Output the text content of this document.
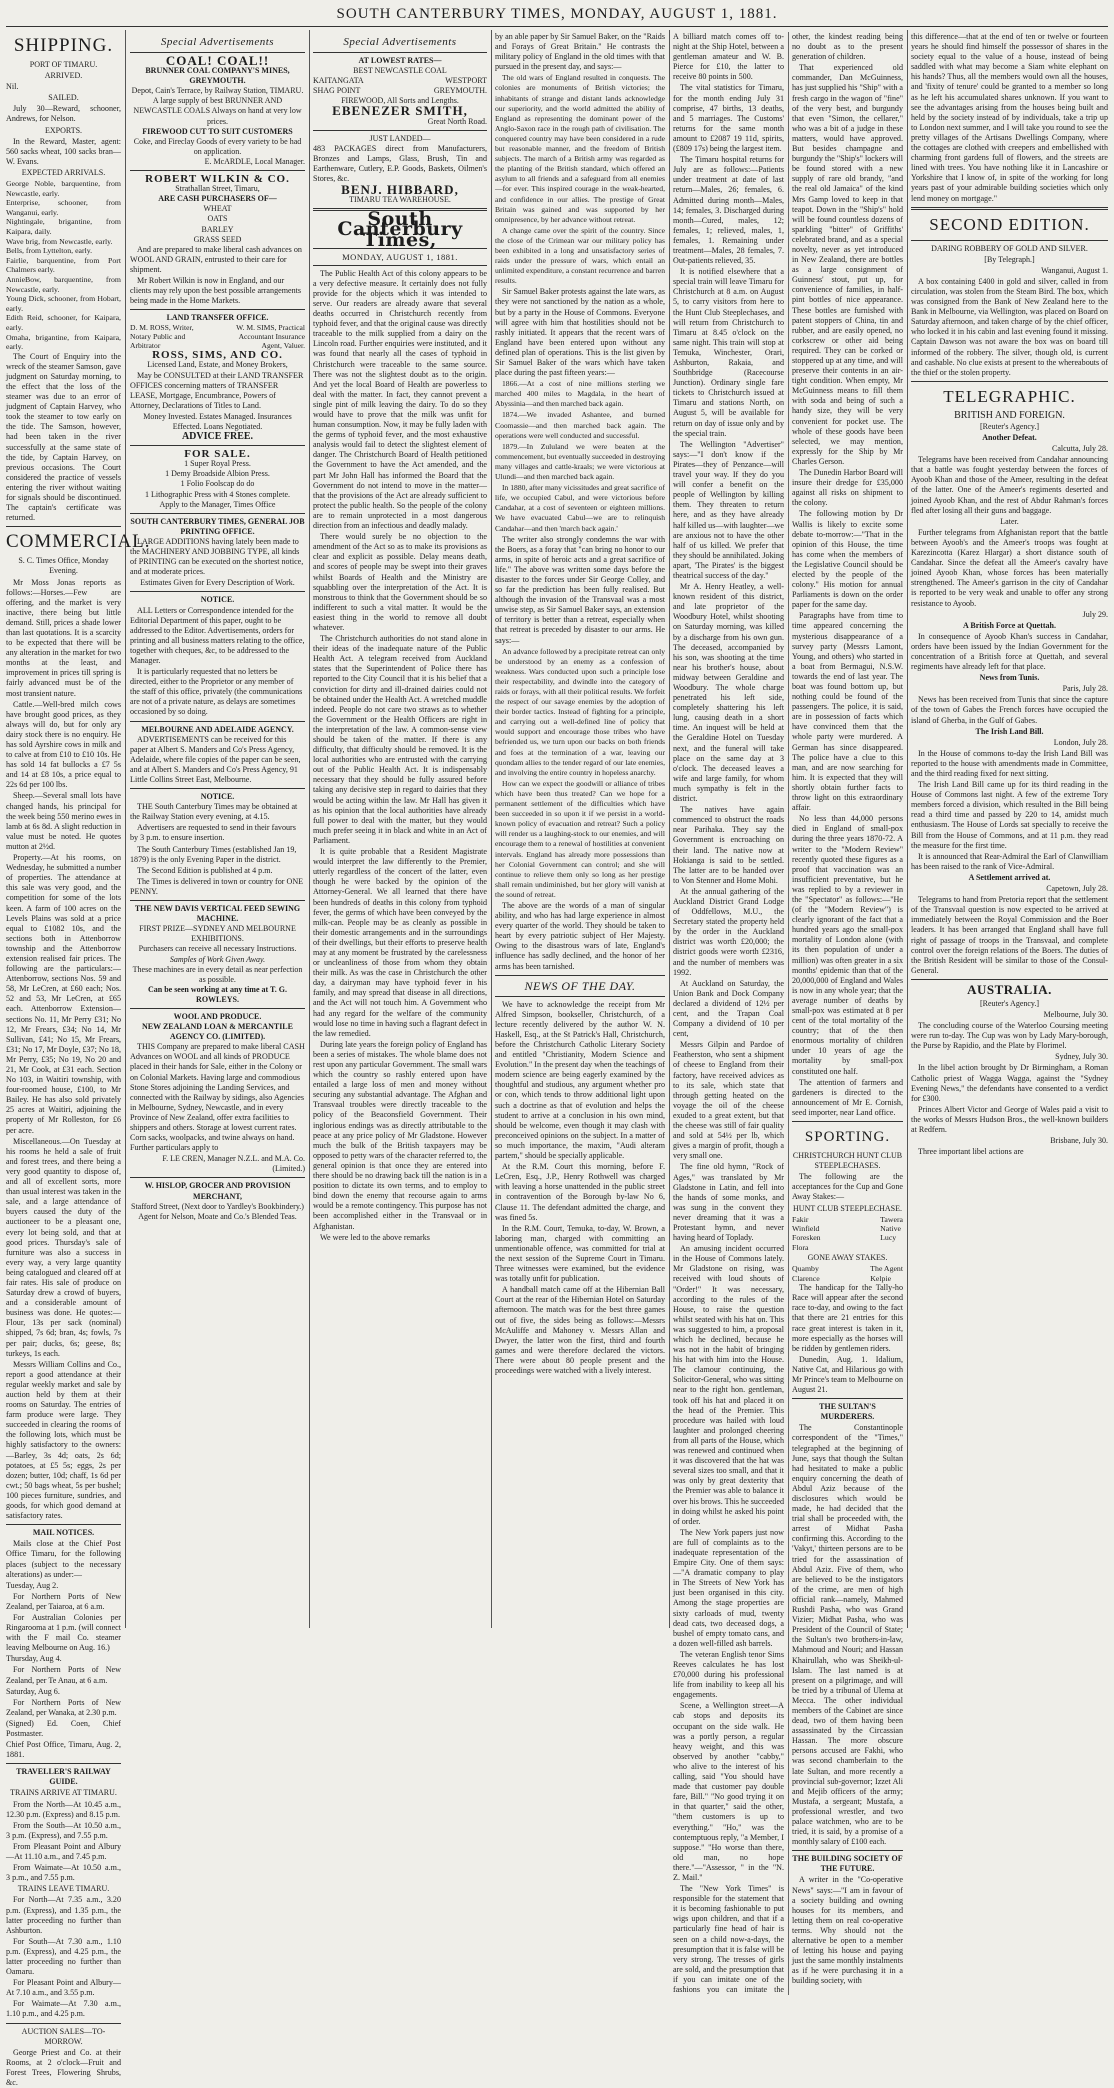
SOUTH CANTERBURY TIMES, MONDAY, AUGUST 1, 1881.
SHIPPING.
PORT OF TIMARU.
ARRIVED.

Nil.

SAILED.

July 30—Reward, schooner, Andrews, for Nelson.

EXPORTS.

In the Reward, Master, agent: 560 sacks wheat, 100 sacks bran—W. Evans.

EXPECTED ARRIVALS.
George Noble, barquentine, from Newcastle, early.
Enterprise, schooner, from Wanganui, early.
Nightingale, brigantine, from Kaipara, daily.
Wave brig, from Newcastle, early.
Bells, from Lyttelton, early.
Fairlie, barquentine, from Port Chalmers early.
AnnieBow, barquentine, from Newcastle, early.
Young Dick, schooner, from Hobart, early.
Edith Reid, schooner, for Kaipara, early.
Omaha, brigantine, from Kaipara, early.

The Court of Enquiry into the wreck of the steamer Samson, gave judgment on Saturday morning, to the effect that the loss of the steamer was due to an error of judgment of Captain Harvey, who took the steamer to tow early on the tide. The Samson, however, had been taken in the river successfully at the same state of the tide, by Captain Harvey, on previous occasions. The Court considered the practice of vessels entering the river without waiting for signals should be discontinued. The captain's certificate was returned.

COMMERCIAL.
S. C. Times Office, Monday Evening.

Mr Moss Jonas reports as follows:—Horses.—Few are offering, and the market is very inactive, there being but little demand. Still, prices a shade lower than last quotations. It is a scarcity to be expected that there will be any alteration in the market for two months at the least, and improvement in prices till spring is fairly advanced must be of the most transient nature.

Cattle.—Well-bred milch cows have brought good prices, as they always will do, but for only ary dairy stock there is no enquiry. He has sold Ayrshire cows in milk and to calve at from £10 to £10 10s. He has sold 14 fat bullocks a £7 5s and 14 at £8 10s, a price equal to 22s 6d per 100 lbs.

Sheep.—Several small lots have changed hands, his principal for the week being 550 merino ewes in lamb at 6s 8d. A slight reduction in value must be noted. He quotes mutton at 2½d.

Property.—At his rooms, on Wednesday, he submitted a number of properties. The attendance at this sale was very good, and the competition for some of the lots keen. A farm of 100 acres on the Levels Plains was sold at a price equal to £1082 10s, and the sections both in Attenborrow township and the Attenborrow extension realised fair prices. The following are the particulars:—Attenborrow, sections Nos. 59 and 58, Mr LeCren, at £60 each; Nos. 52 and 53, Mr LeCren, at £65 each. Attenborrow Extension—sections No. 11, Mr Perry £31; No 12, Mr Frears, £34; No 14, Mr Sullivan, £41; No 15, Mr Frears, £31; No 17, Mr Doyle, £37; No 18, Mr Perry, £35; No 19, No 20 and 21, Mr Cook, at £31 each. Section No 103, in Waitiri township, with four-roomed house, £100, to Mr Bailey. He has also sold privately 25 acres at Waitiri, adjoining the property of Mr Rolleston, for £6 per acre.

Miscellaneous.—On Tuesday at his rooms he held a sale of fruit and forest trees, and there being a very good quantity to dispose of, and all of excellent sorts, more than usual interest was taken in the sale, and a large attendance of buyers caused the duty of the auctioneer to be a pleasant one, every lot being sold, and that at good prices. Thursday's sale of furniture was also a success in every way, a very large quantity being catalogued and cleared off at fair rates. His sale of produce on Saturday drew a crowd of buyers, and a considerable amount of business was done. He quotes:—Flour, 13s per sack (nominal) shipped, 7s 6d; bran, 4s; fowls, 7s per pair; ducks, 6s; geese, 8s; turkeys, 1s each.

Messrs William Collins and Co., report a good attendance at their regular weekly market and sale by auction held by them at their rooms on Saturday. The entries of farm produce were large. They succeeded in clearing the rooms of the following lots, which must be highly satisfactory to the owners:—Barley, 3s 4d; oats, 2s 6d; potatoes, at £5 5s; eggs, 2s per dozen; butter, 10d; chaff, 1s 6d per cwt.; 50 bags wheat, 5s per bushel; 100 pieces furniture, sundries, and goods, for which good demand at satisfactory rates.

MAIL NOTICES.

Mails close at the Chief Post Office Timaru, for the following places (subject to the necessary alterations) as under:—

Tuesday, Aug 2.

For Northern Ports of New Zealand, per Taiaroa, at 6 a.m.

For Australian Colonies per Ringarooma at 1 p.m. (will connect with the F mail Co. steamer leaving Melbourne on Aug. 16.)

Thursday, Aug 4.

For Northern Ports of New Zealand, per Te Anau, at 6 a.m.

Saturday, Aug 6.

For Northern Ports of New Zealand, per Wanaka, at 2.30 p.m.

(Signed) Ed. Coen, Chief Postmaster.

Chief Post Office, Timaru, Aug. 2, 1881.

TRAVELLER'S RAILWAY GUIDE.
TRAINS ARRIVE AT TIMARU.

From the North—At 10.45 a.m., 12.30 p.m. (Express) and 8.15 p.m.

From the South—At 10.50 a.m., 3 p.m. (Express), and 7.55 p.m.

From Pleasant Point and Albury—At 11.10 a.m., and 7.45 p.m.

From Waimate—At 10.50 a.m., 3 p.m., and 7.55 p.m.

TRAINS LEAVE TIMARU.

For North—At 7.35 a.m., 3.20 p.m. (Express), and 1.35 p.m., the latter proceeding no further than Ashburton.

For South—At 7.30 a.m., 1.10 p.m. (Express), and 4.25 p.m., the latter proceeding no further than Oamaru.

For Pleasant Point and Albury—At 7.10 a.m., and 3.55 p.m.

For Waimate—At 7.30 a.m., 1.10 p.m., and 4.25 p.m.

AUCTION SALES—TO-MORROW.

George Priest and Co. at their Rooms, at 2 o'clock—Fruit and Forest Trees, Flowering Shrubs, &c.

Special Advertisements
COAL! COAL!!
BRUNNER COAL COMPANY'S MINES, GREYMOUTH.
Depot, Cain's Terrace, by Railway Station, TIMARU.
A large supply of best BRUNNER AND NEWCASTLE COALS Always on hand at very low prices.
FIREWOOD CUT TO SUIT CUSTOMERS
Coke, and Fireclay Goods of every variety to be had on application.
E. McARDLE, Local Manager.
ROBERT WILKIN & CO.
Strathallan Street, Timaru,
ARE CASH PURCHASERS OF—
WHEAT
OATS
BARLEY
GRASS SEED

And are prepared to make liberal cash advances on WOOL AND GRAIN, entrusted to their care for shipment.

Mr Robert Wilkin is now in England, and our clients may rely upon the best possible arrangements being made in the Home Markets.

LAND TRANSFER OFFICE.
D. M. ROSS, Writer, Notary Public and Arbitrator
W. M. SIMS, Practical Accountant Insurance Agent, Valuer.
ROSS, SIMS, AND CO.
Licensed Land, Estate, and Money Brokers,

May be CONSULTED at their LAND TRANSFER OFFICES concerning matters of TRANSFER LEASE, Mortgage, Encumbrance, Powers of Attorney, Declarations of Titles to Land.

Money Invested. Estates Managed. Insurances Effected. Loans Negotiated.
ADVICE FREE.
FOR SALE.
1 Super Royal Press.
1 Demy Broadside Albion Press.
1 Folio Foolscap do do
1 Lithographic Press with 4 Stones complete.
Apply to the Manager, Times Office
SOUTH CANTERBURY TIMES, GENERAL JOB PRINTING OFFICE.

LARGE ADDITIONS having lately been made to the MACHINERY AND JOBBING TYPE, all kinds of PRINTING can be executed on the shortest notice, and at moderate prices.

Estimates Given for Every Description of Work.
NOTICE.

ALL Letters or Correspondence intended for the Editorial Department of this paper, ought to be addressed to the Editor. Advertisements, orders for printing and all business matters relating to the office, together with cheques, &c, to be addressed to the Manager.

It is particularly requested that no letters be directed, either to the Proprietor or any member of the staff of this office, privately (the communications are not of a private nature, as delays are sometimes occasioned by so doing.

MELBOURNE AND ADELAIDE AGENCY.

ADVERTISEMENTS can be received for this paper at Albert S. Manders and Co's Press Agency, Adelaide, where file copies of the paper can be seen, and at Albert S. Manders and Co's Press Agency, 91 Little Collins Street East, Melbourne.

NOTICE.

THE South Canterbury Times may be obtained at the Railway Station every evening, at 4.15.

Advertisers are requested to send in their favours by 3 p.m. to ensure insertion.

The South Canterbury Times (established Jan 19, 1879) is the only Evening Paper in the district.

The Second Edition is published at 4 p.m.

The Times is delivered in town or country for ONE PENNY.

THE NEW DAVIS VERTICAL FEED SEWING MACHINE.
FIRST PRIZE—SYDNEY AND MELBOURNE EXHIBITIONS.
Purchasers can receive all necessary Instructions.
Samples of Work Given Away.
These machines are in every detail as near perfection as possible.
Can be seen working at any time at T. G. ROWLEYS.
WOOL AND PRODUCE.
NEW ZEALAND LOAN & MERCANTILE AGENCY CO. (LIMITED).

THIS Company are prepared to make liberal CASH Advances on WOOL and all kinds of PRODUCE placed in their hands for Sale, either in the Colony or on Colonial Markets. Having large and commodious Stone Stores adjoining the Landing Services, and connected with the Railway by sidings, also Agencies in Melbourne, Sydney, Newcastle, and in every Province of New Zealand, offer extra facilities to shippers and others. Storage at lowest current rates. Corn sacks, woolpacks, and twine always on hand. Further particulars apply to

F. LE CREN, Manager N.Z.L. and M.A. Co. (Limited.)
W. HISLOP, GROCER AND PROVISION MERCHANT,
Stafford Street, (Next door to Yardley's Bookbindery.)
Agent for Nelson, Moate and Co.'s Blended Teas.
Special Advertisements
AT LOWEST RATES—
BEST NEWCASTLE COAL
KAITANGATA	WESTPORT
SHAG POINT	GREYMOUTH.
FIREWOOD, All Sorts and Lengths.
EBENEZER SMITH,
Great North Road.
JUST LANDED—

483 PACKAGES direct from Manufacturers, Bronzes and Lamps, Glass, Brush, Tin and Earthenware, Cutlery, E.P. Goods, Baskets, Oilmen's Stores, &c.

BENJ. HIBBARD,
TIMARU TEA WAREHOUSE.
South Canterbury Times,
MONDAY, AUGUST 1, 1881.

The Public Health Act of this colony appears to be a very defective measure. It certainly does not fully provide for the objects which it was intended to serve. Our readers are already aware that several deaths occurred in Christchurch recently from typhoid fever, and that the original cause was directly traceable to the milk supplied from a dairy on the Lincoln road. Further enquiries were instituted, and it was found that nearly all the cases of typhoid in Christchurch were traceable to the same source. There was not the slightest doubt as to the origin. And yet the local Board of Health are powerless to deal with the matter. In fact, they cannot prevent a single pint of milk leaving the dairy. To do so they would have to prove that the milk was unfit for human consumption. Now, it may be fully laden with the germs of typhoid fever, and the most exhaustive analysis would fail to detect the slightest element of danger. The Christchurch Board of Health petitioned the Government to have the Act amended, and the part Mr John Hall has informed the Board that the Government do not intend to move in the matter—that the provisions of the Act are already sufficient to protect the public health. So the people of the colony are to remain unprotected in a most dangerous direction from an infectious and deadly malady.

There would surely be no objection to the amendment of the Act so as to make its provisions as clear and explicit as possible. Delay means death, and scores of people may be swept into their graves whilst Boards of Health and the Ministry are squabbling over the interpretation of the Act. It is monstrous to think that the Government should be so indifferent to such a vital matter. It would be the easiest thing in the world to remove all doubt whatever.

The Christchurch authorities do not stand alone in their ideas of the inadequate nature of the Public Health Act. A telegram received from Auckland states that the Superintendent of Police there has reported to the City Council that it is his belief that a conviction for dirty and ill-drained dairies could not be obtained under the Health Act. A wretched muddle indeed. People do not care two straws as to whether the Government or the Health Officers are right in the interpretation of the law. A common-sense view should be taken of the matter. If there is any difficulty, that difficulty should be removed. It is the local authorities who are entrusted with the carrying out of the Public Health Act. It is indispensably necessary that they should be fully assured before taking any decisive step in regard to dairies that they would be acting within the law. Mr Hall has given it as his opinion that the local authorities have already full power to deal with the matter, but they would much prefer seeing it in black and white in an Act of Parliament.

It is quite probable that a Resident Magistrate would interpret the law differently to the Premier, utterly regardless of the concert of the latter, even though he were backed by the opinion of the Attorney-General. We all learned that there have been hundreds of deaths in this colony from typhoid fever, the germs of which have been conveyed by the milk-can. People may be as cleanly as possible in their domestic arrangements and in the surroundings of their dwellings, but their efforts to preserve health may at any moment be frustrated by the carelessness or uncleanliness of those from whom they obtain their milk. As was the case in Christchurch the other day, a dairyman may have typhoid fever in his family, and may spread that disease in all directions, and the Act will not touch him. A Government who had any regard for the welfare of the community would lose no time in having such a flagrant defect in the law remedied.

During late years the foreign policy of England has been a series of mistakes. The whole blame does not rest upon any particular Government. The small wars which the country so rashly entered upon have entailed a large loss of men and money without securing any substantial advantage. The Afghan and Transvaal troubles were directly traceable to the policy of the Beaconsfield Government. Their inglorious endings was as directly attributable to the peace at any price policy of Mr Gladstone. However much the bulk of the British taxpayers may be opposed to petty wars of the character referred to, the general opinion is that once they are entered into there should be no drawing back till the nation is in a position to dictate its own terms, and to employ to bind down the enemy that recourse again to arms would be a remote contingency. This purpose has not been accomplished either in the Transvaal or in Afghanistan.

We were led to the above remarks

by an able paper by Sir Samuel Baker, on the "Raids and Forays of Great Britain." He contrasts the military policy of England in the old times with that pursued in the present day, and says:—

The old wars of England resulted in conquests. The colonies are monuments of British victories; the inhabitants of strange and distant lands acknowledge our superiority, and the world admitted the ability of England as representing the dominant power of the Anglo-Saxon race in the rough path of civilisation. The conquered country may have been considered in a rude but reasonable manner, and the freedom of British subjects. The march of a British army was regarded as the planting of the British standard, which offered an asylum to all friends and a safeguard from all enemies—for ever. This inspired courage in the weak-hearted, and confidence in our allies. The prestige of Great Britain was gained and was supported by her omnipresence, by her advance without retreat.

A change came over the spirit of the country. Since the close of the Crimean war our military policy has been exhibited in a long and unsatisfactory series of raids under the pressure of wars, which entail an unlimited expenditure, a constant recurrence and barren results.

Sir Samuel Baker protests against the late wars, as they were not sanctioned by the nation as a whole, but by a party in the House of Commons. Everyone will agree with him that hostilities should not be rashly initiated. It appears that the recent wars of England have been entered upon without any defined plan of operations. This is the list given by Sir Samuel Baker of the wars which have taken place during the past fifteen years:—

1866.—At a cost of nine millions sterling we marched 400 miles to Magdala, in the heart of Abyssinia—and then marched back again.

1874.—We invaded Ashantee, and burned Coomassie—and then marched back again. The operations were well conducted and successful.

1879.—In Zululand we were beaten at the commencement, but eventually succeeded in destroying many villages and cattle-kraals; we were victorious at Ulundi—and then marched back again.

In 1880, after many vicissitudes and great sacrifice of life, we occupied Cabul, and were victorious before Candahar, at a cost of seventeen or eighteen millions. We have evacuated Cabul—we are to relinquish Candahar—and then 'march back again.'

The writer also strongly condemns the war with the Boers, as a foray that "can bring no honor to our arms, in spite of heroic acts and a great sacrifice of life." The above was written some days before the disaster to the forces under Sir George Colley, and so far the prediction has been fully realised. But although the invasion of the Transvaal was a most unwise step, as Sir Samuel Baker says, an extension of territory is better than a retreat, especially when that retreat is preceded by disaster to our arms. He says:—

An advance followed by a precipitate retreat can only be understood by an enemy as a confession of weakness. Wars conducted upon such a principle lose their respectability, and dwindle into the category of raids or forays, with all their political results. We forfeit the respect of our savage enemies by the adoption of their border tactics. Instead of fighting for a principle, and carrying out a well-defined line of policy that would support and encourage those tribes who have befriended us, we turn upon our backs on both friends and foes at the termination of a war, leaving our quondam allies to the tender regard of our late enemies, and involving the entire country in hopeless anarchy.

How can we expect the goodwill or alliance of tribes which have been thus treated? Can we hope for a permanent settlement of the difficulties which have been succeeded in so upon it if we persist in a world-known policy of evacuation and retreat? Such a policy will render us a laughing-stock to our enemies, and will encourage them to a renewal of hostilities at convenient intervals. England has already more possessions than her Colonial Government can control; and she will continue to relieve them only so long as her prestige shall remain undiminished, but her glory will vanish at the sound of retreat.

The above are the words of a man of singular ability, and who has had large experience in almost every quarter of the world. They should be taken to heart by every patriotic subject of Her Majesty. Owing to the disastrous wars of late, England's influence has sadly declined, and the honor of her arms has been tarnished.

NEWS OF THE DAY.

We have to acknowledge the receipt from Mr Alfred Simpson, bookseller, Christchurch, of a lecture recently delivered by the author W. N. Haskell, Esq., at the St Patrick's Hall, Christchurch, before the Christchurch Catholic Literary Society and entitled "Christianity, Modern Science and Evolution." In the present day when the teachings of modern science are being eagerly examined by the thoughtful and studious, any argument whether pro or con, which tends to throw additional light upon such a doctrine as that of evolution and helps the student to arrive at a conclusion in his own mind, should be welcome, even though it may clash with preconceived opinions on the subject. In a matter of so much importance, the maxim, "Audi alteram partem," should be specially applicable.

At the R.M. Court this morning, before F. LeCren, Esq., J.P., Henry Rothwell was charged with leaving a horse unattended in the public street in contravention of the Borough by-law No 6, Clause 11. The defendant admitted the charge, and was fined 5s.

In the R.M. Court, Temuka, to-day, W. Brown, a laboring man, charged with committing an unmentionable offence, was committed for trial at the next session of the Supreme Court in Timaru. Three witnesses were examined, but the evidence was totally unfit for publication.

A handball match came off at the Hibernian Ball Court at the rear of the Hibernian Hotel on Saturday afternoon. The match was for the best three games out of five, the sides being as follows:—Messrs McAuliffe and Mahoney v. Messrs Allan and Dwyer, the latter won the first, third and fourth games and were therefore declared the victors. There were about 80 people present and the proceedings were watched with a lively interest.

A billiard match comes off to-night at the Ship Hotel, between a gentleman amateur and W. B. Pierce for £10, the latter to receive 80 points in 500.

The vital statistics for Timaru, for the month ending July 31 comprise, 47 births, 13 deaths, and 5 marriages. The Customs' returns for the same month amount to £2087 19 11d, spirits, (£809 17s) being the largest item.

The Timaru hospital returns for July are as follows:—Patients under treatment at date of last return—Males, 26; females, 6. Admitted during month—Males, 14; females, 3. Discharged during month—Cured, males, 12; females, 1; relieved, males, 1, females, 1. Remaining under treatment—Males, 28 females, 7. Out-patients relieved, 35.

It is notified elsewhere that a special train will leave Timaru for Christchurch at 8 a.m. on August 5, to carry visitors from here to the Hunt Club Steeplechases, and will return from Christchurch to Timaru at 8.45 o'clock on the same night. This train will stop at Temuka, Winchester, Orari, Ashburton, Rakaia, and Southbridge (Racecourse Junction). Ordinary single fare tickets to Christchurch issued at Timaru and stations North, on August 5, will be available for return on day of issue only and by the special train.

The Wellington "Advertiser" says:—"I don't know if the Pirates—they of Penzance—will travel your way. If they do you will confer a benefit on the people of Wellington by killing them. They threaten to return here, and as they have already half killed us—with laughter—we are anxious not to have the other half of us killed. We prefer that they should be annihilated. Joking apart, 'The Pirates' is the biggest theatrical success of the day."

Mr A. Henry Heatley, a well-known resident of this district, and late proprietor of the Woodbury Hotel, whilst shooting on Saturday morning, was killed by a discharge from his own gun. The deceased, accompanied by his son, was shooting at the time near his brother's house, about midway between Geraldine and Woodbury. The whole charge penetrated his left side, completely shattering his left lung, causing death in a short time. An inquest will be held at the Geraldine Hotel on Tuesday next, and the funeral will take place on the same day at 3 o'clock. The deceased leaves a wife and large family, for whom much sympathy is felt in the district.

The natives have again commenced to obstruct the roads near Parihaka. They say the Government is encroaching on their land. The native now at Hokianga is said to be settled. The latter are to be handed over to Von Stenner and Home Mohi.

At the annual gathering of the Auckland District Grand Lodge of Oddfellows, M.U., the Secretary stated the property held by the order in the Auckland district was worth £20,000; the district goods were worth £2316, and the number of members was 1992.

At Auckland on Saturday, the Union Bank and Dock Company declared a dividend of 12½ per cent, and the Trapan Coal Company a dividend of 10 per cent,

Messrs Gilpin and Pardoe of Featherston, who sent a shipment of cheese to England from their factory, have received advices as to its sale, which state that through getting heated on the voyage the oil of the cheese exuded to a great extent, but that the cheese was still of fair quality and sold at 54½ per lb, which gives a margin of profit, though a very small one.

The fine old hymn, "Rock of Ages," was translated by Mr Gladstone in Latin, and fell into the hands of some monks, and was sung in the convent they never dreaming that it was a Protestant hymn, and never having heard of Toplady.

An amusing incident occurred in the House of Commons lately. Mr Gladstone on rising, was received with loud shouts of "Order!" It was necessary, according to the rules of the House, to raise the question whilst seated with his hat on. This was suggested to him, a proposal which he declined, because he was not in the habit of bringing his hat with him into the House. The clamour continuing, the Solicitor-General, who was sitting near to the right hon. gentleman, took off his hat and placed it on the head of the Premier. This procedure was hailed with loud laughter and prolonged cheering from all parts of the House, which was renewed and continued when it was discovered that the hat was several sizes too small, and that it was only by great dexterity that the Premier was able to balance it over his brows. This he succeeded in doing whilst he asked his point of order.

The New York papers just now are full of complaints as to the inadequate representation of the Empire City. One of them says:—"A dramatic company to play in The Streets of New York has just been organised in this city. Among the stage properties are sixty carloads of mud, twenty dead cats, two deceased dogs, a bushel of empty tomato cans, and a dozen well-filled ash barrels.

The veteran English tenor Sims Reeves calculates he has lost £70,000 during his professional life from inability to keep all his engagements.

Scene, a Wellington street—A cab stops and deposits its occupant on the side walk. He was a portly person, a regular heavy weight, and this was observed by another "cabby," who alive to the interest of his calling, said "You should have made that customer pay double fare, Bill." "No good trying it on in that quarter," said the other, "them customers is up to everything." "Ho," was the contemptuous reply, "a Member, I suppose." "Ho worse than there, old man, no hope there."—"Assessor, " in the "N. Z. Mail."

The "New York Times" is responsible for the statement that it is becoming fashionable to put wigs upon children, and that if a particularly fine head of hair is seen on a child now-a-days, the presumption that it is false will be very strong. The tresses of girls are sold, and the presumption that if you can imitate one of the fashions you can imitate the other, the kindest reading being no doubt as to the present generation of children.

That experienced old commander, Dan McGuinness, has just supplied his "Ship" with a fresh cargo in the wagon of "fine" of the very best, and burgundy that even "Simon, the cellarer," who was a bit of a judge in these matters, would have approved. But besides champagne and burgundy the "Ship's" lockers will be found stored with a new supply of rare old brandy, "and the real old Jamaica" of the kind Mrs Gamp loved to keep in that teapot. Down in the "Ship's" hold will be found countless dozens of sparkling "bitter" of Griffiths' celebrated brand, and as a special novelty, never as yet introduced in New Zealand, there are bottles as a large consignment of Guinness' stout, put up, for convenience of families, in half-pint bottles of nice appearance. These bottles are furnished with patent stoppers of China, tin and rubber, and are easily opened, no corkscrew or other aid being required. They can be corked or stoppered up at any time, and will preserve their contents in an air-tight condition. When empty, Mr McGuinness means to fill them with soda and being of such a handy size, they will be very convenient for pocket use. The whole of these goods have been selected, we may mention, expressly for the Ship by Mr Charles Gerson.

The Dunedin Harbor Board will insure their dredge for £35,000 against all risks on shipment to the colony.

The following motion by Dr Wallis is likely to excite some debate to-morrow:—"That in the opinion of this House, the time has come when the members of the Legislative Council should be elected by the people of the colony." His motion for annual Parliaments is down on the order paper for the same day.

Paragraphs have from time to time appeared concerning the mysterious disappearance of a survey party (Messrs Lamont, Young, and others) who started in a boat from Bermagui, N.S.W. towards the end of last year. The boat was found bottom up, but nothing could be found of the passengers. The police, it is said, are in possession of facts which have convinced them that the whole party were murdered. A German has since disappeared. The police have a clue to this man, and are now searching for him. It is expected that they will shortly obtain further facts to throw light on this extraordinary affair.

No less than 44,000 persons died in England of small-pox during the three years 1870-72. A writer to the "Modern Review" recently quoted these figures as a proof that vaccination was an insufficient preventative, but he was replied to by a reviewer in the "Spectator" as follows:—"He (of the "Modern Review") is clearly ignorant of the fact that a hundred years ago the small-pox mortality of London alone (with its then population of under a million) was often greater in a six months' epidemic than that of the 20,000,000 of England and Wales is now in any whole year; that the average number of deaths by small-pox was estimated at 8 per cent of the total mortality of the country; that of the then enormous mortality of children under 10 years of age the mortality by small-pox constituted one half.

The attention of farmers and gardeners is directed to the announcement of Mr E. Cornish, seed importer, near Land office.

SPORTING.
CHRISTCHURCH HUNT CLUB STEEPLECHASES.

The following are the acceptances for the Cup and Gone Away Stakes:—

HUNT CLUB STEEPLECHASE.
Fakir
Winfield
Foresken
Flora
Tawera
Native
Lucy
GONE AWAY STAKES.
Quamby
Clarence
The Agent
Kelpie

The handicap for the Tally-ho Race will appear after the second race to-day, and owing to the fact that there are 21 entries for this race great interest is taken in it, more especially as the horses will be ridden by gentlemen riders.

Dunedin, Aug. 1. Idalium, Native Cat, and Hilarious go with Mr Prince's team to Melbourne on August 21.

THE SULTAN'S MURDERERS.

The Constantinople correspondent of the "Times," telegraphed at the beginning of June, says that though the Sultan had hesitated to make a public enquiry concerning the death of Abdul Aziz because of the disclosures which would be made, he had decided that the trial shall be proceeded with, the arrest of Midhat Pasha confirming this. According to the 'Vakyt,' thirteen persons are to be tried for the assassination of Abdul Aziz. Five of them, who are believed to be the instigators of the crime, are men of high official rank—namely, Mahmed Rushdi Pasha, who was Grand Vizier; Midhat Pasha, who was President of the Council of State; the Sultan's two brothers-in-law, Mahmoud and Nouri; and Hassan Khairullah, who was Sheikh-ul-Islam. The last named is at present on a pilgrimage, and will be tried by a tribunal of Ulema at Mecca. The other individual members of the Cabinet are since dead, two of them having been assassinated by the Circassian Hassan. The more obscure persons accused are Fakhi, who was second chamberlain to the late Sultan, and more recently a provincial sub-governor; Izzet Ali and Mejib officers of the army; Mustafa, a sergeant; Mustafa, a professional wrestler, and two palace watchmen, who are to be tried, it is said, by a promise of a monthly salary of £100 each.

THE BUILDING SOCIETY OF THE FUTURE.

A writer in the "Co-operative News" says:—"I am in favour of a society building and owning houses for its members, and letting them on real co-operative terms. Why should not the alternative be open to a member of letting his house and paying just the same monthly instalments as if he were purchasing it in a building society, with

this difference—that at the end of ten or twelve or fourteen years he should find himself the possessor of shares in the society equal to the value of a house, instead of being saddled with what may become a Siam white elephant on his hands? Thus, all the members would own all the houses, and 'fixity of tenure' could be granted to a member so long as he left his accumulated shares unknown. If you want to see the advantages arising from the houses being built and held by the society instead of by individuals, take a trip up to London next summer, and I will take you round to see the pretty villages of the Artisans Dwellings Company, where the cottages are clothed with creepers and embellished with charming front gardens full of flowers, and the streets are lined with trees. You have nothing like it in Lancashire or Yorkshire that I know of, in spite of the working for long years past of your admirable building societies which only lend money on mortgage."

SECOND EDITION.
DARING ROBBERY OF GOLD AND SILVER.
[By Telegraph.]
Wanganui, August 1.

A box containing £400 in gold and silver, called in from circulation, was stolen from the Steam Bird. The box, which was consigned from the Bank of New Zealand here to the Bank in Melbourne, via Wellington, was placed on Board on Saturday afternoon, and taken charge of by the chief officer, who locked it in his cabin and last evening found it missing. Captain Dawson was not aware the box was on board till informed of the robbery. The silver, though old, is current and cashable. No clue exists at present to the whereabouts of the thief or the stolen property.

TELEGRAPHIC.
BRITISH AND FOREIGN.
[Reuter's Agency.]
Another Defeat.
Calcutta, July 28.

Telegrams have been received from Candahar announcing that a battle was fought yesterday between the forces of Ayoob Khan and those of the Ameer, resulting in the defeat of the latter. One of the Ameer's regiments deserted and joined Ayoob Khan, and the rest of Abdur Rahman's forces fled after losing all their guns and baggage.

Later.

Further telegrams from Afghanistan report that the battle between Ayoob's and the Ameer's troops was fought at Karezincotta (Karez Hlargar) a short distance south of Candahar. Since the defeat all the Ameer's cavalry have joined Ayoob Khan, whose forces has been materially strengthened. The Ameer's garrison in the city of Candahar is reported to be very weak and unable to offer any strong resistance to Ayoob.

July 29.
A British Force at Quettah.

In consequence of Ayoob Khan's success in Candahar, orders have been issued by the Indian Government for the concentration of a British force at Quettah, and several regiments have already left for that place.

News from Tunis.
Paris, July 28.

News has been received from Tunis that since the capture of the town of Gabes the French forces have occupied the island of Gherba, in the Gulf of Gabes.

The Irish Land Bill.
London, July 28.

In the House of commons to-day the Irish Land Bill was reported to the house with amendments made in Committee, and the third reading fixed for next sitting.

The Irish Land Bill came up for its third reading in the House of Commons last night. A few of the extreme Tory members forced a division, which resulted in the Bill being read a third time and passed by 220 to 14, amidst much enthusiasm. The House of Lords sat specially to receive the Bill from the House of Commons, and at 11 p.m. they read the measure for the first time.

It is announced that Rear-Admiral the Earl of Clanwilliam has been raised to the rank of Vice-Admiral.

A Settlement arrived at.
Capetown, July 28.

Telegrams to hand from Pretoria report that the settlement of the Transvaal question is now expected to be arrived at immediately between the Royal Commission and the Boer leaders. It has been arranged that England shall have full right of passage of troops in the Transvaal, and complete control over the foreign relations of the Boers. The duties of the British Resident will be similar to those of the Consul-General.

AUSTRALIA.
[Reuter's Agency.]
Melbourne, July 30.

The concluding course of the Waterloo Coursing meeting were run to-day. The Cup was won by Lady Mary-borough, the Purse by Rapidio, and the Plate by Florimel.

Sydney, July 30.

In the libel action brought by Dr Birmingham, a Roman Catholic priest of Wagga Wagga, against the "Sydney Evening News," the defendants have consented to a verdict for £300.

Princes Albert Victor and George of Wales paid a visit to the works of Messrs Hudson Bros., the well-known builders at Redfern.

Brisbane, July 30.

Three important libel actions are
